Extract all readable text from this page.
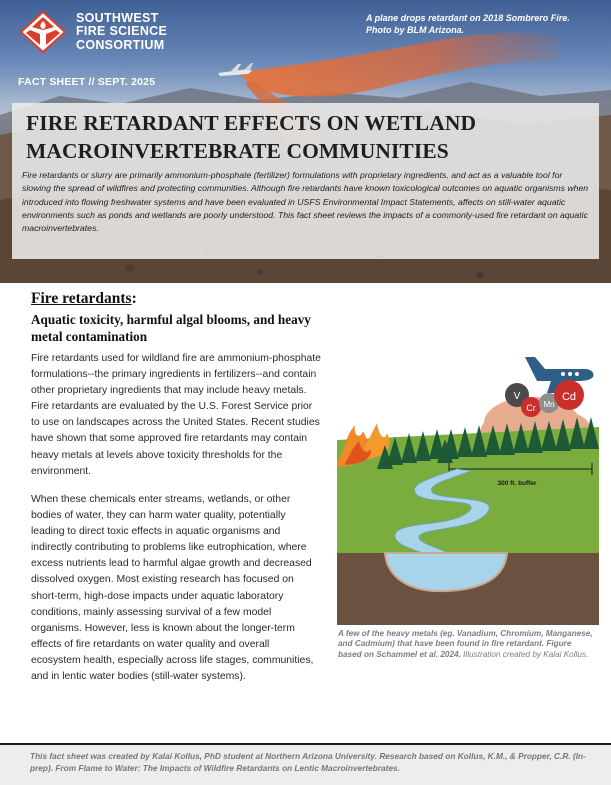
SOUTHWEST
FIRE SCIENCE
CONSORTIUM
A plane drops retardant on 2018 Sombrero Fire. Photo by BLM Arizona.
FACT SHEET // SEPT. 2025
FIRE RETARDANT EFFECTS ON WETLAND
MACROINVERTEBRATE COMMUNITIES

Fire retardants or slurry are primarily ammonium-phosphate (fertilizer) formulations with proprietary ingredients, and act as a valuable tool for slowing the spread of wildfires and protecting communities. Although fire retardants have known toxicological outcomes on aquatic organisms when introduced into flowing freshwater systems and have been evaluated in USFS Environmental Impact Statements, affects on still-water aquatic environments such as ponds and wetlands are poorly understood. This fact sheet reviews the impacts of a commonly-used fire retardant on aquatic macroinvertebrates.

Fire retardants:
Aquatic toxicity, harmful algal blooms, and heavy metal contamination

Fire retardants used for wildland fire are ammonium-phosphate formulations--the primary ingredients in fertilizers--and contain other proprietary ingredients that may include heavy metals. Fire retardants are evaluated by the U.S. Forest Service prior to use on landscapes across the United States. Recent studies have shown that some approved fire retardants may contain heavy metals at levels above toxicity thresholds for the environment.

When these chemicals enter streams, wetlands, or other bodies of water, they can harm water quality, potentially leading to direct toxic effects in aquatic organisms and indirectly contributing to problems like eutrophication, where excess nutrients lead to harmful algae growth and decreased dissolved oxygen. Most existing research has focused on short-term, high-dose impacts under aquatic laboratory conditions, mainly assessing survival of a few model organisms. However, less is known about the longer-term effects of fire retardants on water quality and overall ecosystem health, especially across life stages, communities, and in lentic water bodies (still-water systems).

V
Cr Mn
Cd
300 ft. buffer
A few of the heavy metals (eg. Vanadium, Chromium, Manganese, and Cadmium) that have been found in fire retardant. Figure based on Schammel et al. 2024. Illustration created by Kalai Kollus.

This fact sheet was created by Kalai Kollus, PhD student at Northern Arizona University. Research based on Kollus, K.M., & Propper, C.R. (In-prep). From Flame to Water: The Impacts of Wildfire Retardants on Lentic Macroinvertebrates.
